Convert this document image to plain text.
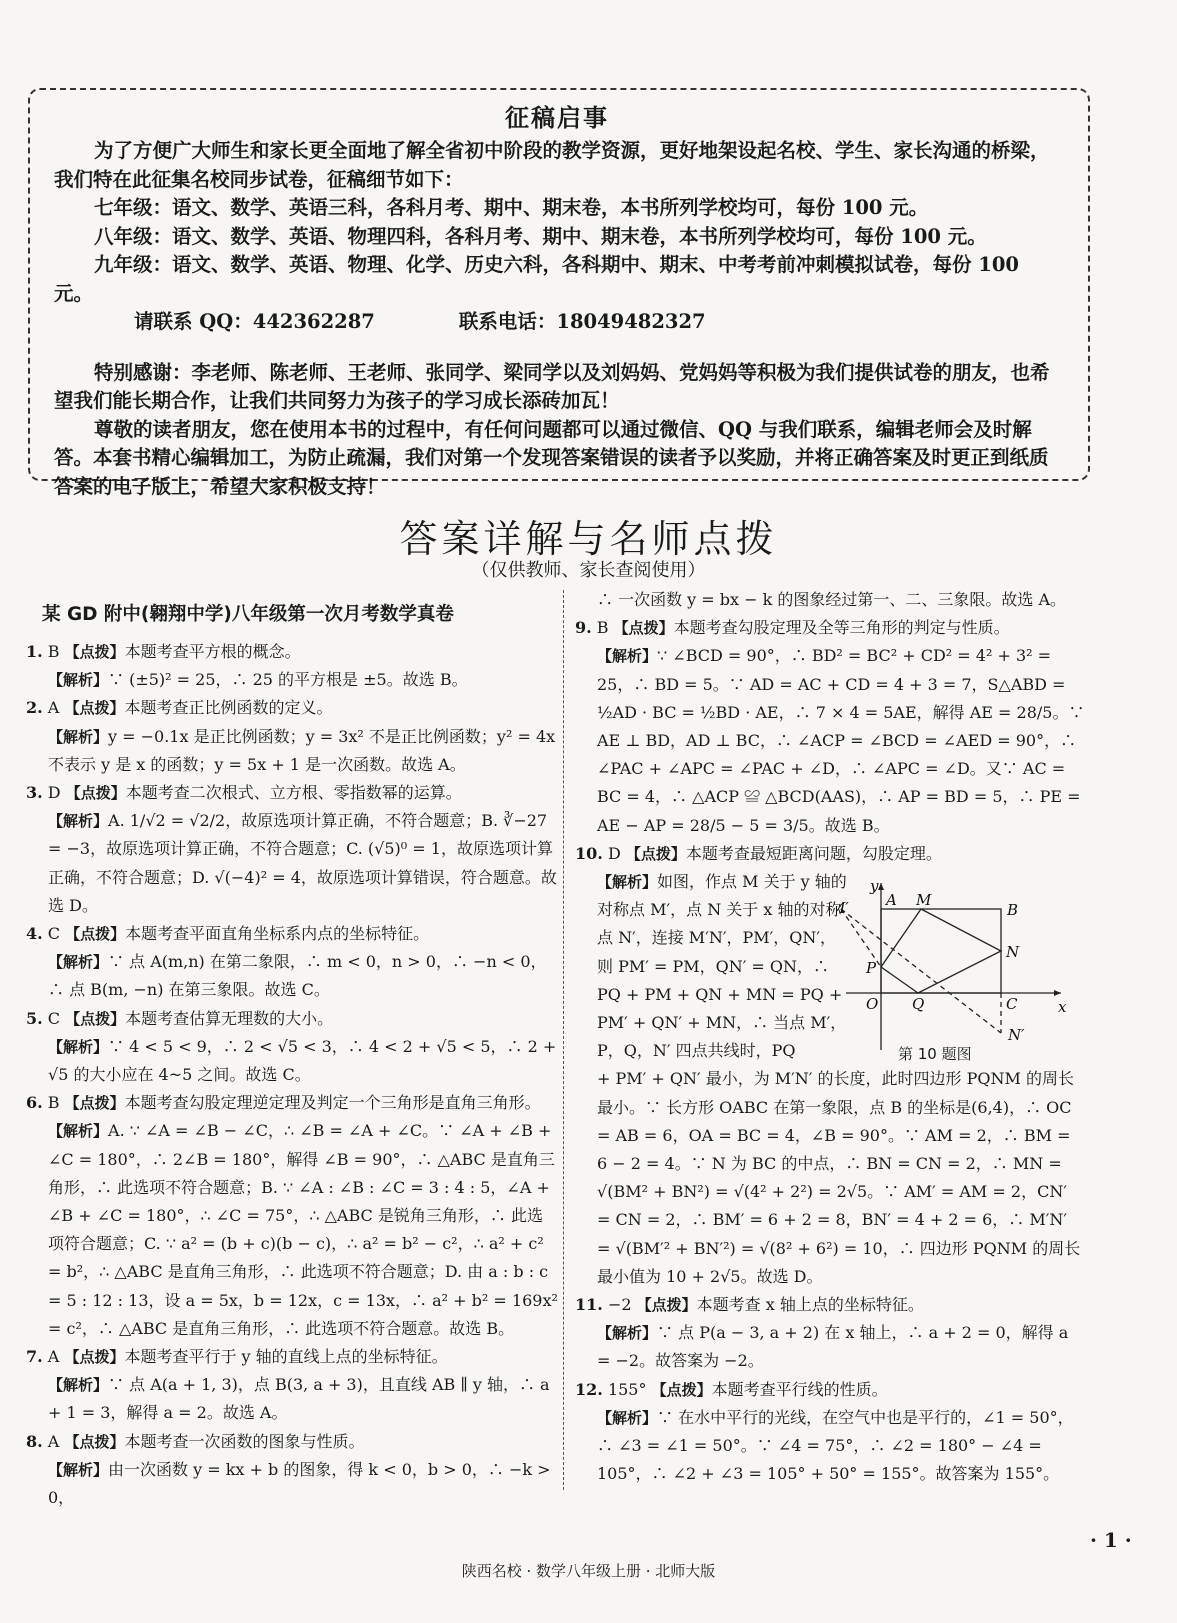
征稿启事

为了方便广大师生和家长更全面地了解全省初中阶段的教学资源，更好地架设起名校、学生、家长沟通的桥梁，我们特在此征集名校同步试卷，征稿细节如下：

七年级：语文、数学、英语三科，各科月考、期中、期末卷，本书所列学校均可，每份 100 元。

八年级：语文、数学、英语、物理四科，各科月考、期中、期末卷，本书所列学校均可，每份 100 元。

九年级：语文、数学、英语、物理、化学、历史六科，各科期中、期末、中考考前冲刺模拟试卷，每份 100 元。

请联系 QQ：442362287	联系电话：18049482327

特别感谢：李老师、陈老师、王老师、张同学、梁同学以及刘妈妈、党妈妈等积极为我们提供试卷的朋友，也希望我们能长期合作，让我们共同努力为孩子的学习成长添砖加瓦！

尊敬的读者朋友，您在使用本书的过程中，有任何问题都可以通过微信、QQ 与我们联系，编辑老师会及时解答。本套书精心编辑加工，为防止疏漏，我们对第一个发现答案错误的读者予以奖励，并将正确答案及时更正到纸质答案的电子版上，希望大家积极支持！

答案详解与名师点拨
（仅供教师、家长查阅使用）
某 GD 附中(翱翔中学)八年级第一次月考数学真卷

1. B 【点拨】本题考查平方根的概念。

【解析】∵ (±5)² = 25，∴ 25 的平方根是 ±5。故选 B。

2. A 【点拨】本题考查正比例函数的定义。

【解析】y = −0.1x 是正比例函数；y = 3x² 不是正比例函数；y² = 4x 不表示 y 是 x 的函数；y = 5x + 1 是一次函数。故选 A。

3. D 【点拨】本题考查二次根式、立方根、零指数幂的运算。

【解析】A. 1/√2 = √2/2，故原选项计算正确，不符合题意；B. ∛−27 = −3，故原选项计算正确，不符合题意；C. (√5)⁰ = 1，故原选项计算正确，不符合题意；D. √(−4)² = 4，故原选项计算错误，符合题意。故选 D。

4. C 【点拨】本题考查平面直角坐标系内点的坐标特征。

【解析】∵ 点 A(m,n) 在第二象限，∴ m < 0，n > 0，∴ −n < 0，∴ 点 B(m, −n) 在第三象限。故选 C。

5. C 【点拨】本题考查估算无理数的大小。

【解析】∵ 4 < 5 < 9，∴ 2 < √5 < 3，∴ 4 < 2 + √5 < 5，∴ 2 + √5 的大小应在 4~5 之间。故选 C。

6. B 【点拨】本题考查勾股定理逆定理及判定一个三角形是直角三角形。

【解析】A. ∵ ∠A = ∠B − ∠C，∴ ∠B = ∠A + ∠C。∵ ∠A + ∠B + ∠C = 180°，∴ 2∠B = 180°，解得 ∠B = 90°，∴ △ABC 是直角三角形，∴ 此选项不符合题意；B. ∵ ∠A : ∠B : ∠C = 3 : 4 : 5，∠A + ∠B + ∠C = 180°，∴ ∠C = 75°，∴ △ABC 是锐角三角形，∴ 此选项符合题意；C. ∵ a² = (b + c)(b − c)，∴ a² = b² − c²，∴ a² + c² = b²，∴ △ABC 是直角三角形，∴ 此选项不符合题意；D. 由 a : b : c = 5 : 12 : 13，设 a = 5x，b = 12x，c = 13x，∴ a² + b² = 169x² = c²，∴ △ABC 是直角三角形，∴ 此选项不符合题意。故选 B。

7. A 【点拨】本题考查平行于 y 轴的直线上点的坐标特征。

【解析】∵ 点 A(a + 1, 3)，点 B(3, a + 3)，且直线 AB ∥ y 轴，∴ a + 1 = 3，解得 a = 2。故选 A。

8. A 【点拨】本题考查一次函数的图象与性质。

【解析】由一次函数 y = kx + b 的图象，得 k < 0，b > 0，∴ −k > 0，

∴ 一次函数 y = bx − k 的图象经过第一、二、三象限。故选 A。

9. B 【点拨】本题考查勾股定理及全等三角形的判定与性质。

【解析】∵ ∠BCD = 90°，∴ BD² = BC² + CD² = 4² + 3² = 25，∴ BD = 5。∵ AD = AC + CD = 4 + 3 = 7，S△ABD = ½AD · BC = ½BD · AE，∴ 7 × 4 = 5AE，解得 AE = 28/5。∵ AE ⊥ BD，AD ⊥ BC，∴ ∠ACP = ∠BCD = ∠AED = 90°，∴ ∠PAC + ∠APC = ∠PAC + ∠D，∴ ∠APC = ∠D。又∵ AC = BC = 4，∴ △ACP ≌ △BCD(AAS)，∴ AP = BD = 5，∴ PE = AE − AP = 28/5 − 5 = 3/5。故选 B。

10. D 【点拨】本题考查最短距离问题，勾股定理。

【解析】如图，作点 M 关于 y 轴的对称点 M′，点 N 关于 x 轴的对称点 N′，连接 M′N′，PM′，QN′，则 PM′ = PM，QN′ = QN，∴ PQ + PM + QN + MN = PQ + PM′ + QN′ + MN，∴ 当点 M′，P，Q，N′ 四点共线时，PQ

+ PM′ + QN′ 最小，为 M′N′ 的长度，此时四边形 PQNM 的周长最小。∵ 长方形 OABC 在第一象限，点 B 的坐标是(6,4)，∴ OC = AB = 6，OA = BC = 4，∠B = 90°。∵ AM = 2，∴ BM = 6 − 2 = 4。∵ N 为 BC 的中点，∴ BN = CN = 2，∴ MN = √(BM² + BN²) = √(4² + 2²) = 2√5。∵ AM′ = AM = 2，CN′ = CN = 2，∴ BM′ = 6 + 2 = 8，BN′ = 4 + 2 = 6，∴ M′N′ = √(BM′² + BN′²) = √(8² + 6²) = 10，∴ 四边形 PQNM 的周长最小值为 10 + 2√5。故选 D。

11. −2 【点拨】本题考查 x 轴上点的坐标特征。

【解析】∵ 点 P(a − 3, a + 2) 在 x 轴上，∴ a + 2 = 0，解得 a = −2。故答案为 −2。

12. 155° 【点拨】本题考查平行线的性质。

【解析】∵ 在水中平行的光线，在空气中也是平行的，∠1 = 50°，∴ ∠3 = ∠1 = 50°。∵ ∠4 = 75°，∴ ∠2 = 180° − ∠4 = 105°，∴ ∠2 + ∠3 = 105° + 50° = 155°。故答案为 155°。

y
x
A M
′	B
N
P
O Q	C
N′
第 10 题图
· 1 ·
陕西名校 · 数学八年级上册 · 北师大版
